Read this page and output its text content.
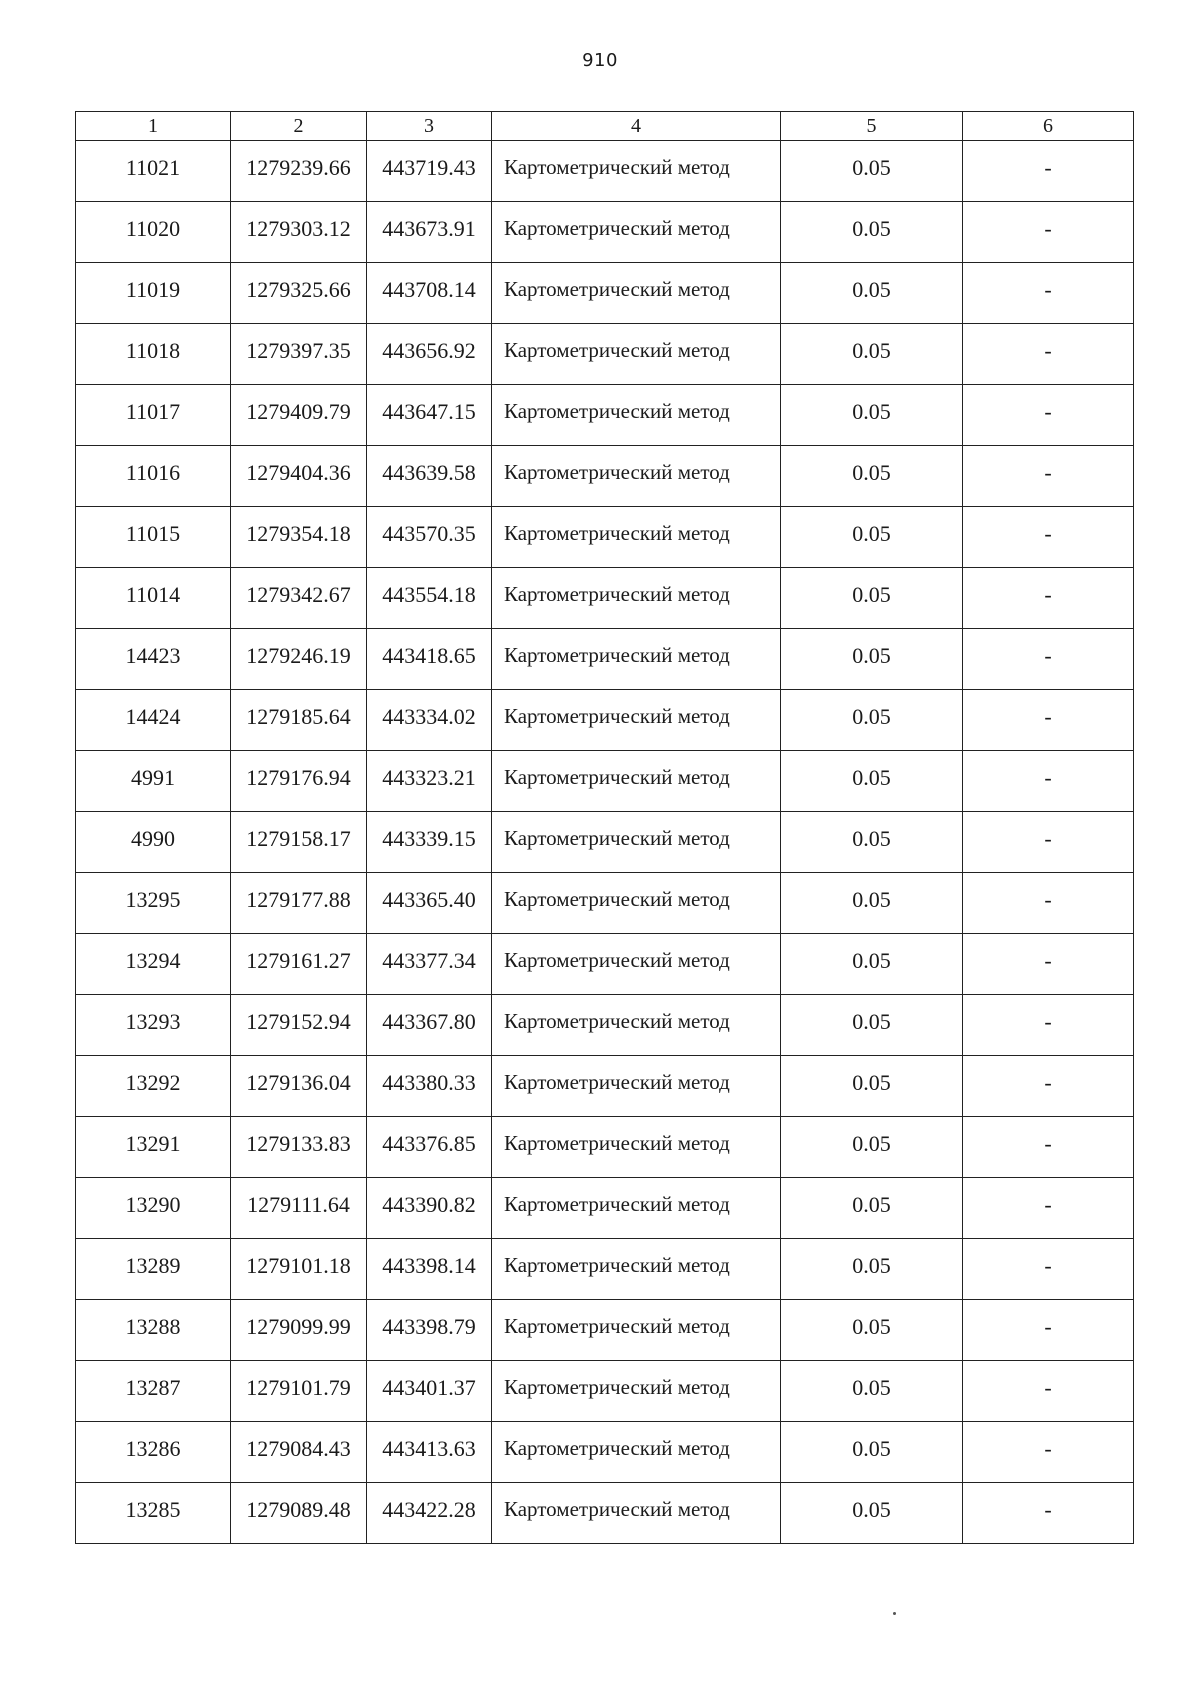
910
1	2	3	4	5	6
11021	1279239.66	443719.43	Картометрический метод	0.05	-
11020	1279303.12	443673.91	Картометрический метод	0.05	-
11019	1279325.66	443708.14	Картометрический метод	0.05	-
11018	1279397.35	443656.92	Картометрический метод	0.05	-
11017	1279409.79	443647.15	Картометрический метод	0.05	-
11016	1279404.36	443639.58	Картометрический метод	0.05	-
11015	1279354.18	443570.35	Картометрический метод	0.05	-
11014	1279342.67	443554.18	Картометрический метод	0.05	-
14423	1279246.19	443418.65	Картометрический метод	0.05	-
14424	1279185.64	443334.02	Картометрический метод	0.05	-
4991	1279176.94	443323.21	Картометрический метод	0.05	-
4990	1279158.17	443339.15	Картометрический метод	0.05	-
13295	1279177.88	443365.40	Картометрический метод	0.05	-
13294	1279161.27	443377.34	Картометрический метод	0.05	-
13293	1279152.94	443367.80	Картометрический метод	0.05	-
13292	1279136.04	443380.33	Картометрический метод	0.05	-
13291	1279133.83	443376.85	Картометрический метод	0.05	-
13290	1279111.64	443390.82	Картометрический метод	0.05	-
13289	1279101.18	443398.14	Картометрический метод	0.05	-
13288	1279099.99	443398.79	Картометрический метод	0.05	-
13287	1279101.79	443401.37	Картометрический метод	0.05	-
13286	1279084.43	443413.63	Картометрический метод	0.05	-
13285	1279089.48	443422.28	Картометрический метод	0.05	-
